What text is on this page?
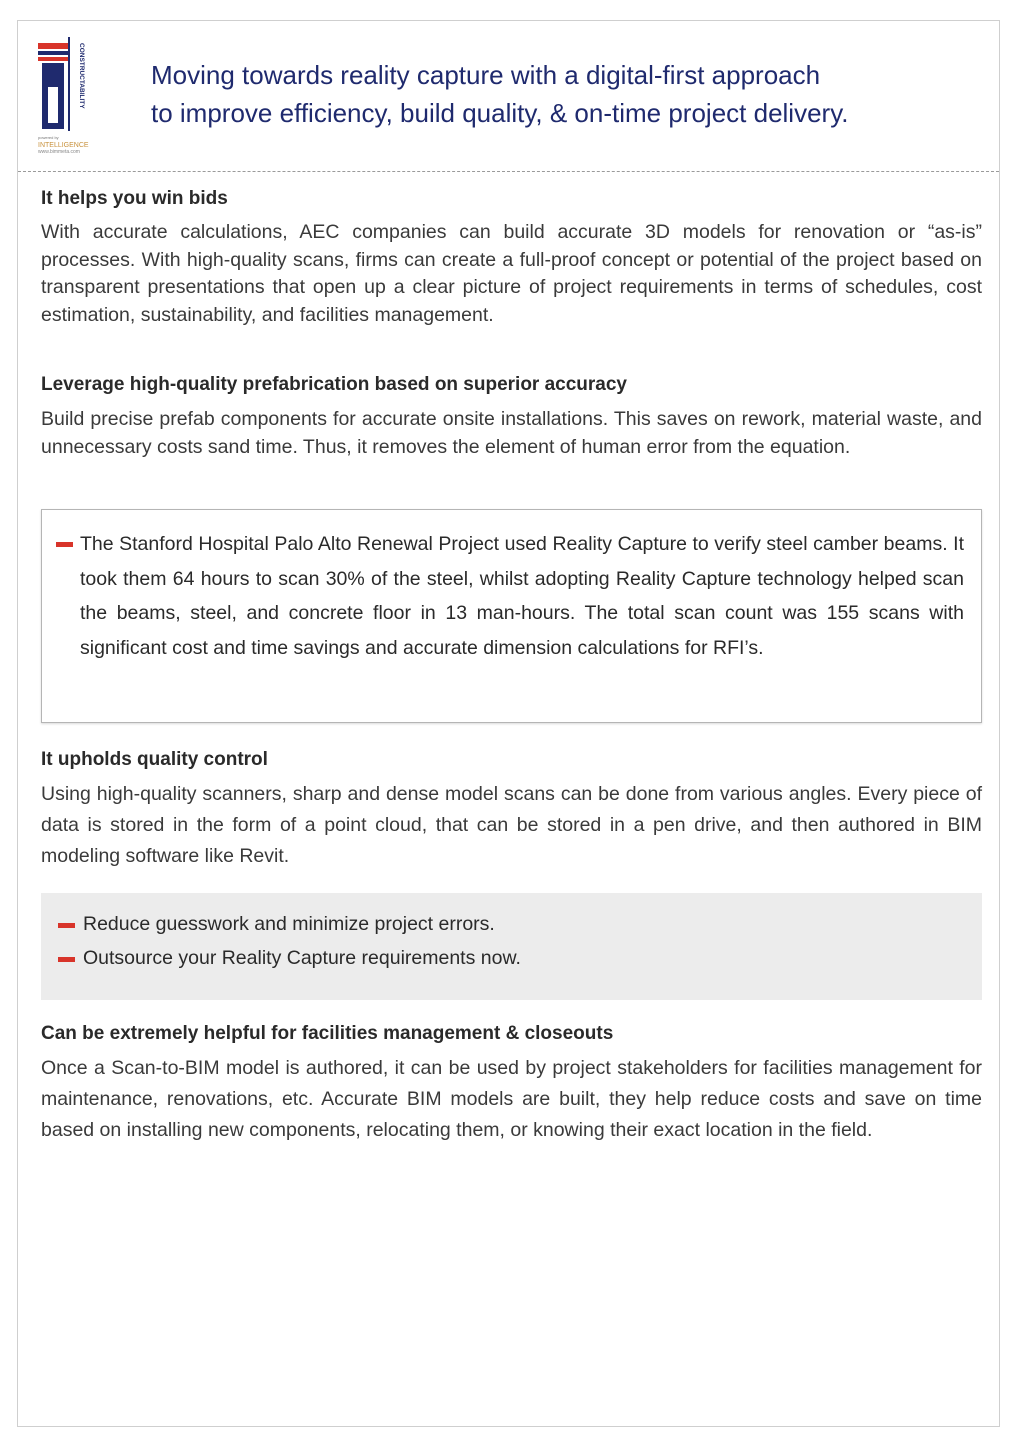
CONSTRUCTABILITY
powered by
INTELLIGENCE
www.bimmeta.com
Moving towards reality capture with a digital-first approach
to improve efficiency, build quality, & on-time project delivery.
It helps you win bids

With accurate calculations, AEC companies can build accurate 3D models for renovation or “as-is” processes. With high-quality scans, firms can create a full-proof concept or potential of the project based on transparent presentations that open up a clear picture of project requirements in terms of schedules, cost estimation, sustainability, and facilities management.

Leverage high-quality prefabrication based on superior accuracy

Build precise prefab components for accurate onsite installations. This saves on rework, material waste, and unnecessary costs sand time. Thus, it removes the element of human error from the equation.

The Stanford Hospital Palo Alto Renewal Project used Reality Capture to verify steel camber beams. It took them 64 hours to scan 30% of the steel, whilst adopting Reality Capture technology helped scan the beams, steel, and concrete floor in 13 man-hours. The total scan count was 155 scans with significant cost and time savings and accurate dimension calculations for RFI’s.

It upholds quality control

Using high-quality scanners, sharp and dense model scans can be done from various angles. Every piece of data is stored in the form of a point cloud, that can be stored in a pen drive, and then authored in BIM modeling software like Revit.

Reduce guesswork and minimize project errors.

Outsource your Reality Capture requirements now.

Can be extremely helpful for facilities management & closeouts

Once a Scan-to-BIM model is authored, it can be used by project stakeholders for facilities management for maintenance, renovations, etc. Accurate BIM models are built, they help reduce costs and save on time based on installing new components, relocating them, or knowing their exact location in the field.
